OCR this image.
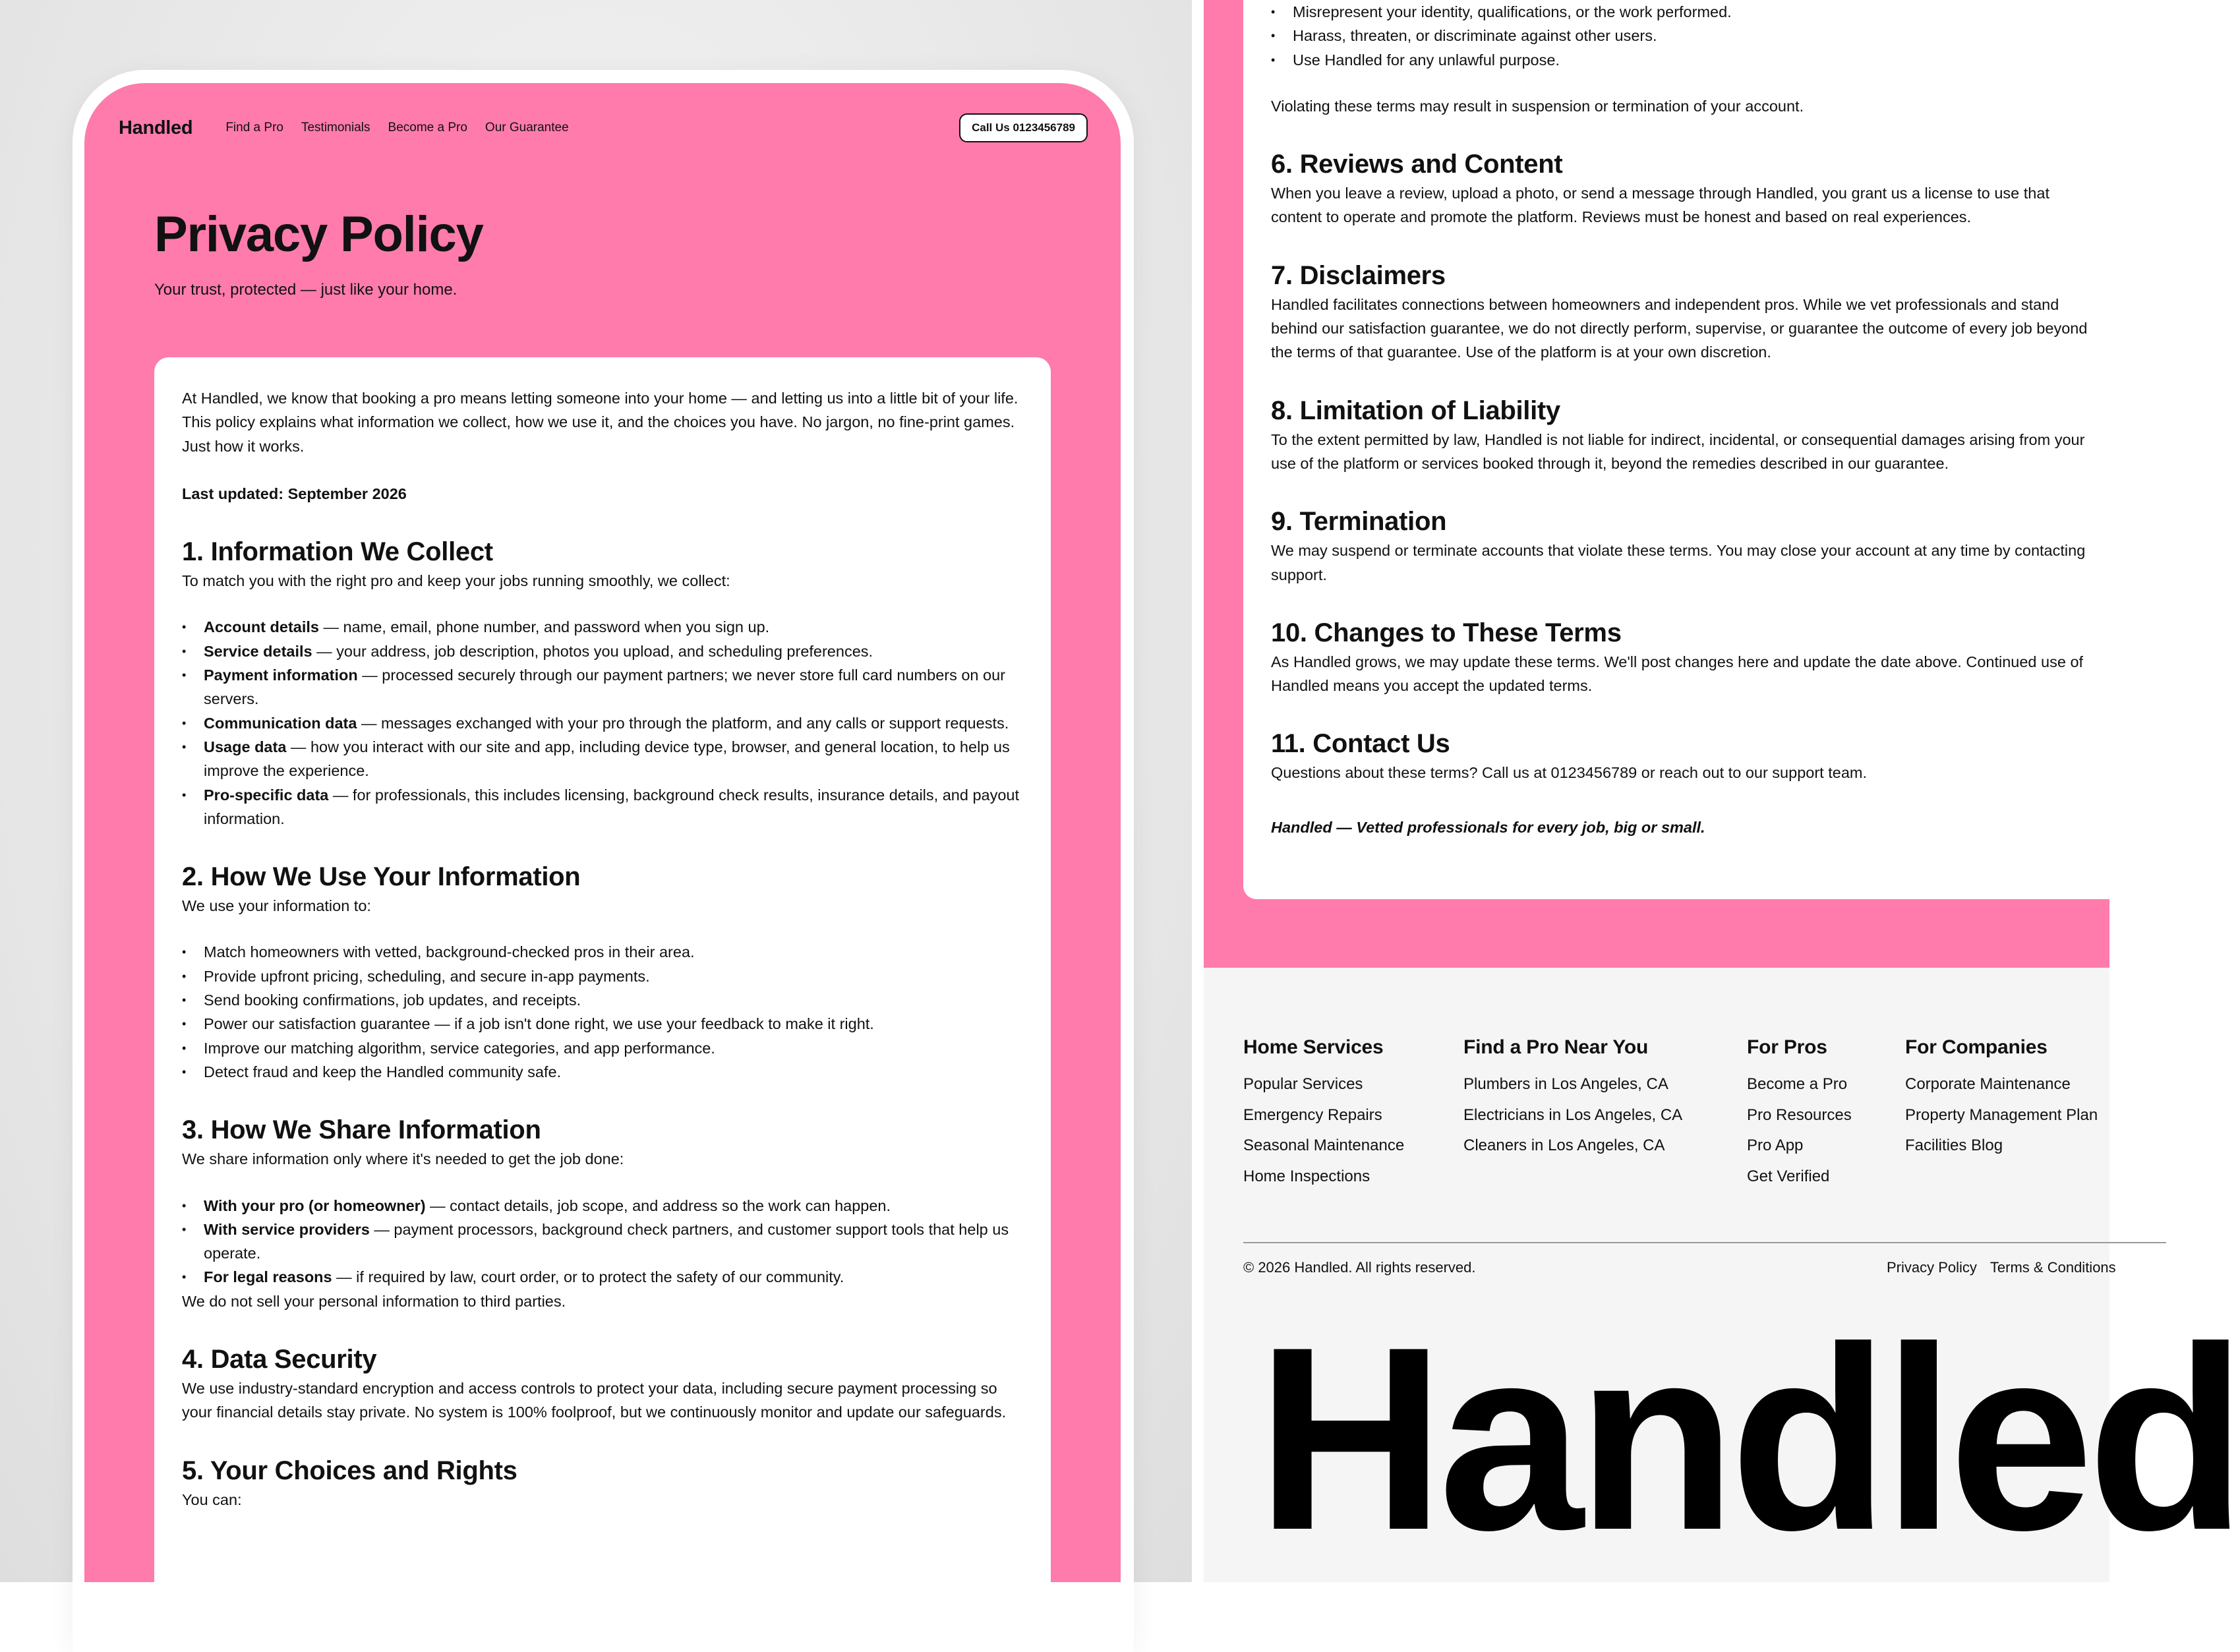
Handled	Find a Pro Testimonials Become a Pro Our Guarantee	Call Us 0123456789
Privacy Policy
Your trust, protected — just like your home.

At Handled, we know that booking a pro means letting someone into your home — and letting us into a little bit of your life. This policy explains what information we collect, how we use it, and the choices you have. No jargon, no fine-print games. Just how it works.

Last updated: September 2026

1. Information We Collect

To match you with the right pro and keep your jobs running smoothly, we collect:

• Account details — name, email, phone number, and password when you sign up.
• Service details — your address, job description, photos you upload, and scheduling preferences.
• Payment information — processed securely through our payment partners; we never store full card numbers on our servers.
• Communication data — messages exchanged with your pro through the platform, and any calls or support requests.
• Usage data — how you interact with our site and app, including device type, browser, and general location, to help us improve the experience.
• Pro-specific data — for professionals, this includes licensing, background check results, insurance details, and payout information.
2. How We Use Your Information

We use your information to:

• Match homeowners with vetted, background-checked pros in their area.
• Provide upfront pricing, scheduling, and secure in-app payments.
• Send booking confirmations, job updates, and receipts.
• Power our satisfaction guarantee — if a job isn't done right, we use your feedback to make it right.
• Improve our matching algorithm, service categories, and app performance.
• Detect fraud and keep the Handled community safe.
3. How We Share Information

We share information only where it's needed to get the job done:

• With your pro (or homeowner) — contact details, job scope, and address so the work can happen.
• With service providers — payment processors, background check partners, and customer support tools that help us operate.
• For legal reasons — if required by law, court order, or to protect the safety of our community.

We do not sell your personal information to third parties.

4. Data Security

We use industry-standard encryption and access controls to protect your data, including secure payment processing so your financial details stay private. No system is 100% foolproof, but we continuously monitor and update our safeguards.

5. Your Choices and Rights

You can:

• Misrepresent your identity, qualifications, or the work performed.
• Harass, threaten, or discriminate against other users.
• Use Handled for any unlawful purpose.

Violating these terms may result in suspension or termination of your account.

6. Reviews and Content

When you leave a review, upload a photo, or send a message through Handled, you grant us a license to use that content to operate and promote the platform. Reviews must be honest and based on real experiences.

7. Disclaimers

Handled facilitates connections between homeowners and independent pros. While we vet professionals and stand behind our satisfaction guarantee, we do not directly perform, supervise, or guarantee the outcome of every job beyond the terms of that guarantee. Use of the platform is at your own discretion.

8. Limitation of Liability

To the extent permitted by law, Handled is not liable for indirect, incidental, or consequential damages arising from your use of the platform or services booked through it, beyond the remedies described in our guarantee.

9. Termination

We may suspend or terminate accounts that violate these terms. You may close your account at any time by contacting support.

10. Changes to These Terms

As Handled grows, we may update these terms. We'll post changes here and update the date above. Continued use of Handled means you accept the updated terms.

11. Contact Us

Questions about these terms? Call us at 0123456789 or reach out to our support team.

Handled — Vetted professionals for every job, big or small.

Home Services
Popular Services
Emergency Repairs
Seasonal Maintenance
Home Inspections
Find a Pro Near You
Plumbers in Los Angeles, CA
Electricians in Los Angeles, CA
Cleaners in Los Angeles, CA
For Pros
Become a Pro
Pro Resources
Pro App
Get Verified
For Companies
Corporate Maintenance
Property Management Plan
Facilities Blog
© 2026 Handled. All rights reserved.	Privacy Policy Terms & Conditions
Handled
